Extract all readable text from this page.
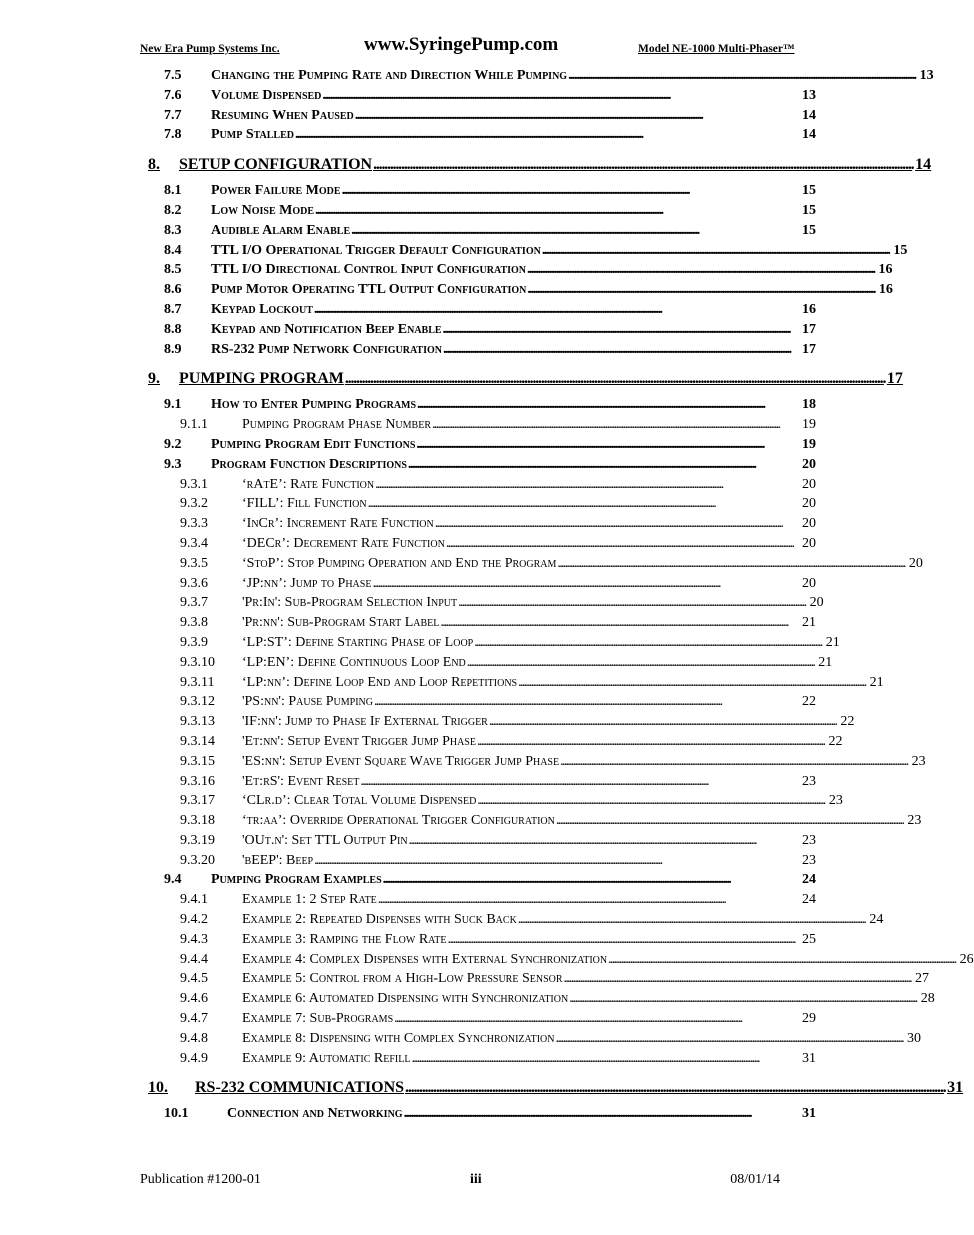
New Era Pump Systems Inc.	www.SyringePump.com	Model NE-1000 Multi-Phaser™
7.5	Changing the Pumping Rate and Direction While Pumping . . .	13
7.6	Volume Dispensed . . .	13
7.7	Resuming When Paused . . .	14
7.8	Pump Stalled . . .	14
8.	SETUP CONFIGURATION . . .	14
8.1	Power Failure Mode . . .	15
8.2	Low Noise Mode . . .	15
8.3	Audible Alarm Enable . . .	15
8.4	TTL I/O Operational Trigger Default Configuration . . .	15
8.5	TTL I/O Directional Control Input Configuration . . .	16
8.6	Pump Motor Operating TTL Output Configuration . . .	16
8.7	Keypad Lockout . . .	16
8.8	Keypad and Notification Beep Enable . . .	17
8.9	RS-232 Pump Network Configuration . . .	17
9.	PUMPING PROGRAM . . .	17
9.1	How to Enter Pumping Programs . . .	18
9.1.1	Pumping Program Phase Number . . .	19
9.2	Pumping Program Edit Functions . . .	19
9.3	Program Function Descriptions . . .	20
9.3.1	‘rAtE’: Rate Function . . .	20
9.3.2	‘FILL’: Fill Function . . .	20
9.3.3	‘InCr’: Increment Rate Function . . .	20
9.3.4	‘DECr’: Decrement Rate Function . . .	20
9.3.5	‘StoP’: Stop Pumping Operation and End the Program . . .	20
9.3.6	‘JP:nn’: Jump to Phase . . .	20
9.3.7	'Pr:In': Sub-Program Selection Input . . .	20
9.3.8	'Pr:nn': Sub-Program Start Label . . .	21
9.3.9	‘LP:ST’: Define Starting Phase of Loop . . .	21
9.3.10	‘LP:EN’: Define Continuous Loop End . . .	21
9.3.11	‘LP:nn’: Define Loop End and Loop Repetitions . . .	21
9.3.12	'PS:nn': Pause Pumping . . .	22
9.3.13	'IF:nn': Jump to Phase If External Trigger . . .	22
9.3.14	'Et:nn': Setup Event Trigger Jump Phase . . .	22
9.3.15	'ES:nn': Setup Event Square Wave Trigger Jump Phase . . .	23
9.3.16	'Et:rS': Event Reset . . .	23
9.3.17	‘CLr.d’: Clear Total Volume Dispensed . . .	23
9.3.18	‘tr:aa’: Override Operational Trigger Configuration . . .	23
9.3.19	'OUt.n': Set TTL Output Pin . . .	23
9.3.20	'bEEP': Beep . . .	23
9.4	Pumping Program Examples . . .	24
9.4.1	Example 1: 2 Step Rate . . .	24
9.4.2	Example 2: Repeated Dispenses with Suck Back . . .	24
9.4.3	Example 3: Ramping the Flow Rate . . .	25
9.4.4	Example 4: Complex Dispenses with External Synchronization . . .	26
9.4.5	Example 5: Control from a High-Low Pressure Sensor . . .	27
9.4.6	Example 6: Automated Dispensing with Synchronization . . .	28
9.4.7	Example 7: Sub-Programs . . .	29
9.4.8	Example 8: Dispensing with Complex Synchronization . . .	30
9.4.9	Example 9: Automatic Refill . . .	31
10.	RS-232 COMMUNICATIONS . . .	31
10.1	Connection and Networking . . .	31
Publication #1200-01	iii	08/01/14
